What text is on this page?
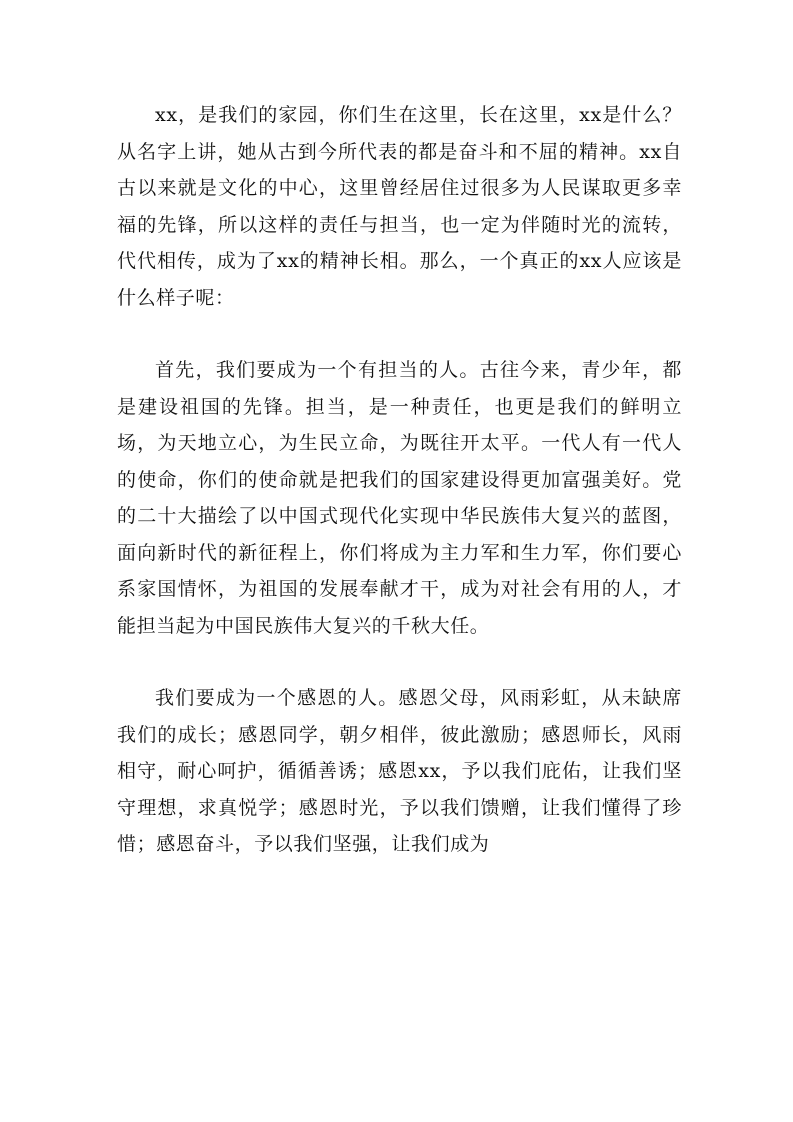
xx，是我们的家园，你们生在这里，长在这里，xx是什么？从名字上讲，她从古到今所代表的都是奋斗和不屈的精神。xx自古以来就是文化的中心，这里曾经居住过很多为人民谋取更多幸福的先锋，所以这样的责任与担当，也一定为伴随时光的流转，代代相传，成为了xx的精神长相。那么，一个真正的xx人应该是什么样子呢：

首先，我们要成为一个有担当的人。古往今来，青少年，都是建设祖国的先锋。担当，是一种责任，也更是我们的鲜明立场，为天地立心，为生民立命，为既往开太平。一代人有一代人的使命，你们的使命就是把我们的国家建设得更加富强美好。党的二十大描绘了以中国式现代化实现中华民族伟大复兴的蓝图，面向新时代的新征程上，你们将成为主力军和生力军，你们要心系家国情怀，为祖国的发展奉献才干，成为对社会有用的人，才能担当起为中国民族伟大复兴的千秋大任。

我们要成为一个感恩的人。感恩父母，风雨彩虹，从未缺席我们的成长；感恩同学，朝夕相伴，彼此激励；感恩师长，风雨相守，耐心呵护，循循善诱；感恩xx，予以我们庇佑，让我们坚守理想，求真悦学；感恩时光，予以我们馈赠，让我们懂得了珍惜；感恩奋斗，予以我们坚强，让我们成为
